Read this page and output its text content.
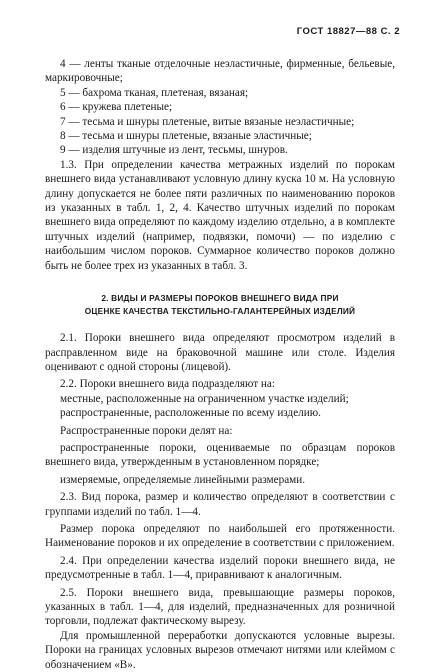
ГОСТ 18827—88 С. 2

4 — ленты тканые отделочные неэластичные, фирменные, бельевые, маркировочные;

5 — бахрома тканая, плетеная, вязаная;

6 — кружева плетеные;

7 — тесьма и шнуры плетеные, витые вязаные неэластичные;

8 — тесьма и шнуры плетеные, вязаные эластичные;

9 — изделия штучные из лент, тесьмы, шнуров.

1.3. При определении качества метражных изделий по порокам внешнего вида устанавливают условную длину куска 10 м. На условную длину допускается не более пяти различных по наименованию пороков из указанных в табл. 1, 2, 4. Качество штучных изделий по порокам внешнего вида определяют по каждому изделию отдельно, а в комплекте штучных изделий (например, подвязки, помочи) — по изделию с наибольшим числом пороков. Суммарное количество пороков должно быть не более трех из указанных в табл. 3.

2. ВИДЫ И РАЗМЕРЫ ПОРОКОВ ВНЕШНЕГО ВИДА ПРИ
ОЦЕНКЕ КАЧЕСТВА ТЕКСТИЛЬНО-ГАЛАНТЕРЕЙНЫХ ИЗДЕЛИЙ

2.1. Пороки внешнего вида определяют просмотром изделий в расправленном виде на браковочной машине или столе. Изделия оценивают с одной стороны (лицевой).

2.2. Пороки внешнего вида подразделяют на:

местные, расположенные на ограниченном участке изделий;

распространенные, расположенные по всему изделию.

Распространенные пороки делят на:

распространенные пороки, оцениваемые по образцам пороков внешнего вида, утвержденным в установленном порядке;

измеряемые, определяемые линейными размерами.

2.3. Вид порока, размер и количество определяют в соответствии с группами изделий по табл. 1—4.

Размер порока определяют по наибольшей его протяженности. Наименование пороков и их определение в соответствии с приложением.

2.4. При определении качества изделий пороки внешнего вида, не предусмотренные в табл. 1—4, приравнивают к аналогичным.

2.5. Пороки внешнего вида, превышающие размеры пороков, указанных в табл. 1—4, для изделий, предназначенных для розничной торговли, подлежат фактическому вырезу.

Для промышленной переработки допускаются условные вырезы. Пороки на границах условных вырезов отмечают нитями или клеймом с обозначением «В».
